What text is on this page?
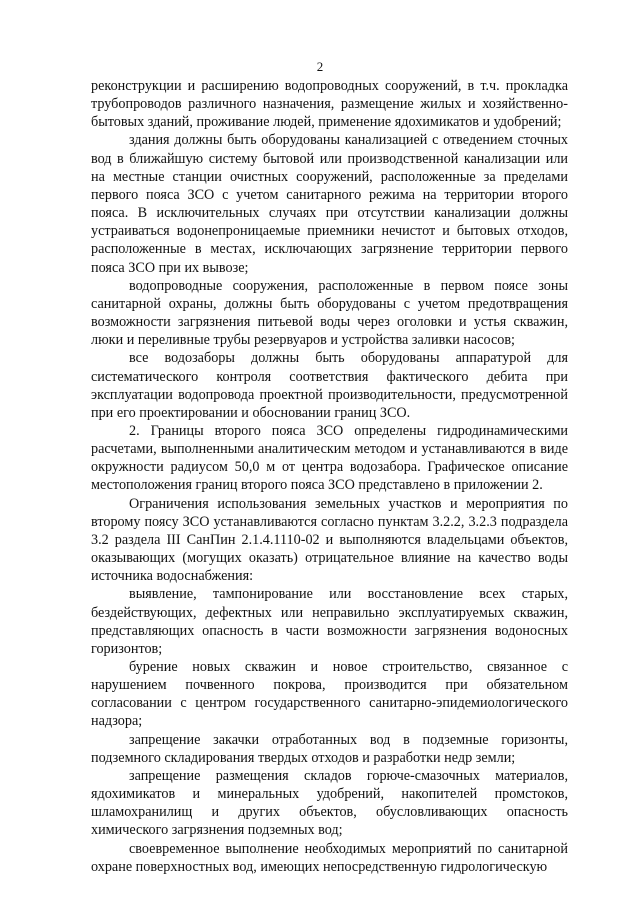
2

реконструкции и расширению водопроводных сооружений, в т.ч. прокладка трубопроводов различного назначения, размещение жилых и хозяйственно-бытовых зданий, проживание людей, применение ядохимикатов и удобрений;

здания должны быть оборудованы канализацией с отведением сточных вод в ближайшую систему бытовой или производственной канализации или на местные станции очистных сооружений, расположенные за пределами первого пояса ЗСО с учетом санитарного режима на территории второго пояса. В исключительных случаях при отсутствии канализации должны устраиваться водонепроницаемые приемники нечистот и бытовых отходов, расположенные в местах, исключающих загрязнение территории первого пояса ЗСО при их вывозе;

водопроводные сооружения, расположенные в первом поясе зоны санитарной охраны, должны быть оборудованы с учетом предотвращения возможности загрязнения питьевой воды через оголовки и устья скважин, люки и переливные трубы резервуаров и устройства заливки насосов;

все водозаборы должны быть оборудованы аппаратурой для систематического контроля соответствия фактического дебита при эксплуатации водопровода проектной производительности, предусмотренной при его проектировании и обосновании границ ЗСО.

2. Границы второго пояса ЗСО определены гидродинамическими расчетами, выполненными аналитическим методом и устанавливаются в виде окружности радиусом 50,0 м от центра водозабора. Графическое описание местоположения границ второго пояса ЗСО представлено в приложении 2.

Ограничения использования земельных участков и мероприятия по второму поясу ЗСО устанавливаются согласно пунктам 3.2.2, 3.2.3 подраздела 3.2 раздела III СанПин 2.1.4.1110-02 и выполняются владельцами объектов, оказывающих (могущих оказать) отрицательное влияние на качество воды источника водоснабжения:

выявление, тампонирование или восстановление всех старых, бездействующих, дефектных или неправильно эксплуатируемых скважин, представляющих опасность в части возможности загрязнения водоносных горизонтов;

бурение новых скважин и новое строительство, связанное с нарушением почвенного покрова, производится при обязательном согласовании с центром государственного санитарно-эпидемиологического надзора;

запрещение закачки отработанных вод в подземные горизонты, подземного складирования твердых отходов и разработки недр земли;

запрещение размещения складов горюче-смазочных материалов, ядохимикатов и минеральных удобрений, накопителей промстоков, шламохранилищ и других объектов, обусловливающих опасность химического загрязнения подземных вод;

своевременное выполнение необходимых мероприятий по санитарной охране поверхностных вод, имеющих непосредственную гидрологическую
